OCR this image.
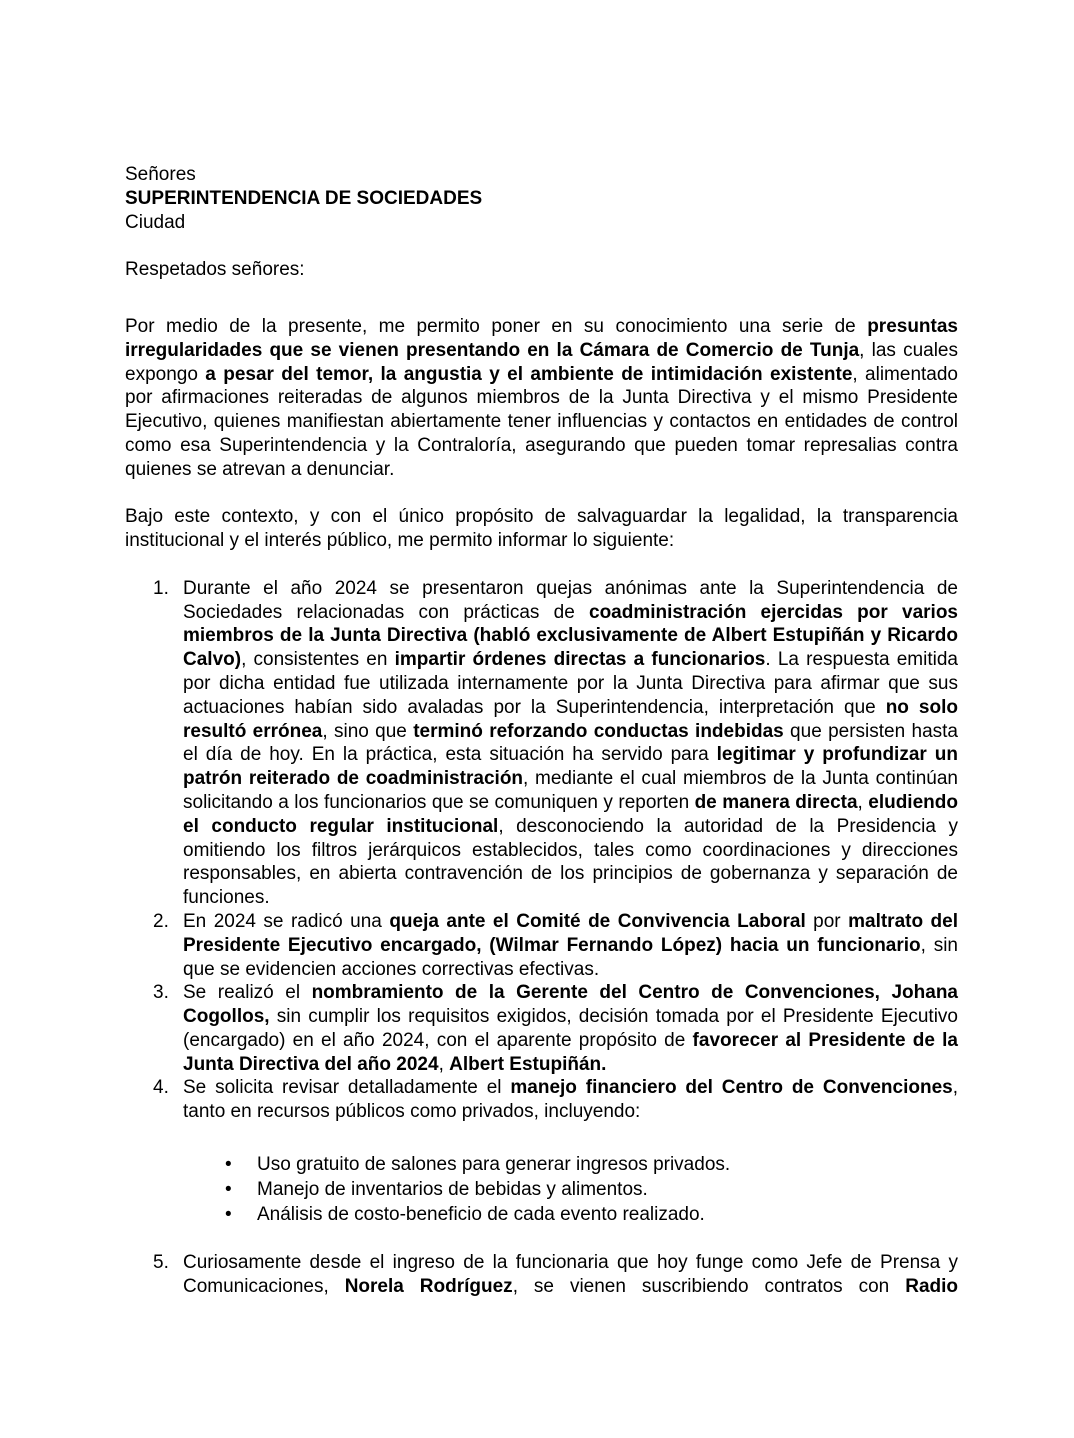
Señores
SUPERINTENDENCIA DE SOCIEDADES
Ciudad
Respetados señores:

Por medio de la presente, me permito poner en su conocimiento una serie de presuntas irregularidades que se vienen presentando en la Cámara de Comercio de Tunja, las cuales expongo a pesar del temor, la angustia y el ambiente de intimidación existente, alimentado por afirmaciones reiteradas de algunos miembros de la Junta Directiva y el mismo Presidente Ejecutivo, quienes manifiestan abiertamente tener influencias y contactos en entidades de control como esa Superintendencia y la Contraloría, asegurando que pueden tomar represalias contra quienes se atrevan a denunciar.

Bajo este contexto, y con el único propósito de salvaguardar la legalidad, la transparencia institucional y el interés público, me permito informar lo siguiente:

1. Durante el año 2024 se presentaron quejas anónimas ante la Superintendencia de Sociedades relacionadas con prácticas de coadministración ejercidas por varios miembros de la Junta Directiva (habló exclusivamente de Albert Estupiñán y Ricardo Calvo), consistentes en impartir órdenes directas a funcionarios. La respuesta emitida por dicha entidad fue utilizada internamente por la Junta Directiva para afirmar que sus actuaciones habían sido avaladas por la Superintendencia, interpretación que no solo resultó errónea, sino que terminó reforzando conductas indebidas que persisten hasta el día de hoy. En la práctica, esta situación ha servido para legitimar y profundizar un patrón reiterado de coadministración, mediante el cual miembros de la Junta continúan solicitando a los funcionarios que se comuniquen y reporten de manera directa, eludiendo el conducto regular institucional, desconociendo la autoridad de la Presidencia y omitiendo los filtros jerárquicos establecidos, tales como coordinaciones y direcciones responsables, en abierta contravención de los principios de gobernanza y separación de funciones.
2. En 2024 se radicó una queja ante el Comité de Convivencia Laboral por maltrato del Presidente Ejecutivo encargado, (Wilmar Fernando López) hacia un funcionario, sin que se evidencien acciones correctivas efectivas.
3. Se realizó el nombramiento de la Gerente del Centro de Convenciones, Johana Cogollos, sin cumplir los requisitos exigidos, decisión tomada por el Presidente Ejecutivo (encargado) en el año 2024, con el aparente propósito de favorecer al Presidente de la Junta Directiva del año 2024, Albert Estupiñán.
4. Se solicita revisar detalladamente el manejo financiero del Centro de Convenciones, tanto en recursos públicos como privados, incluyendo:
• Uso gratuito de salones para generar ingresos privados.
• Manejo de inventarios de bebidas y alimentos.
• Análisis de costo-beneficio de cada evento realizado.
5. Curiosamente desde el ingreso de la funcionaria que hoy funge como Jefe de Prensa y Comunicaciones, Norela Rodríguez, se vienen suscribiendo contratos con Radio
